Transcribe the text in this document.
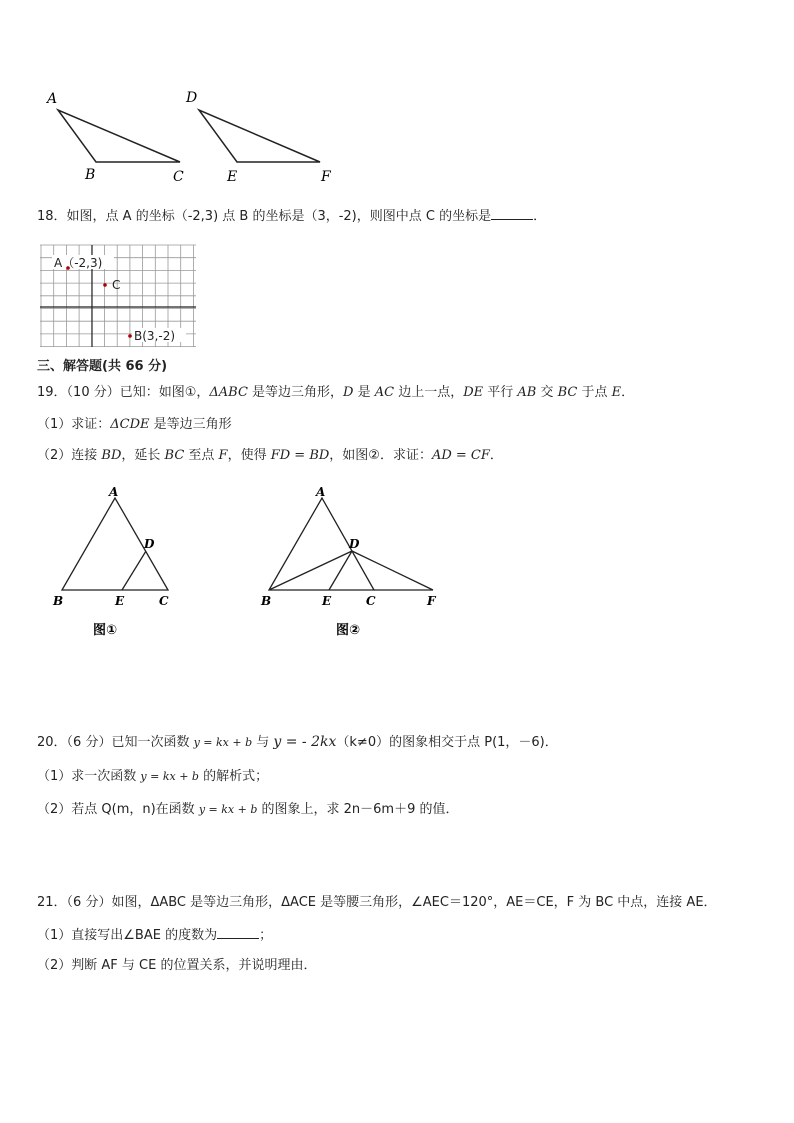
A
B	C
D
E	F
18．如图，点 A 的坐标（-2,3) 点 B 的坐标是（3，-2)，则图中点 C 的坐标是	．
A（-2,3)
C
B(3,-2)
三、解答题(共 66 分)
19．（10 分）已知：如图①，ΔABC 是等边三角形，D 是 AC 边上一点，DE 平行 AB 交 BC 于点 E．
（1）求证：ΔCDE 是等边三角形
（2）连接 BD，延长 BC 至点 F，使得 FD = BD，如图②．求证：AD = CF．
A
D
B	E	C
图①
A
D
B	E	C	F
图②
20．（6 分）已知一次函数 y = kx + b 与 y = - 2kx（k≠0）的图象相交于点 P(1，－6)．
（1）求一次函数 y = kx + b 的解析式；
（2）若点 Q(m，n)在函数 y = kx + b 的图象上，求 2n－6m＋9 的值．
21．（6 分）如图，ΔABC 是等边三角形，ΔACE 是等腰三角形，∠AEC＝120°，AE＝CE，F 为 BC 中点，连接 AE．
（1）直接写出∠BAE 的度数为	；
（2）判断 AF 与 CE 的位置关系，并说明理由．
